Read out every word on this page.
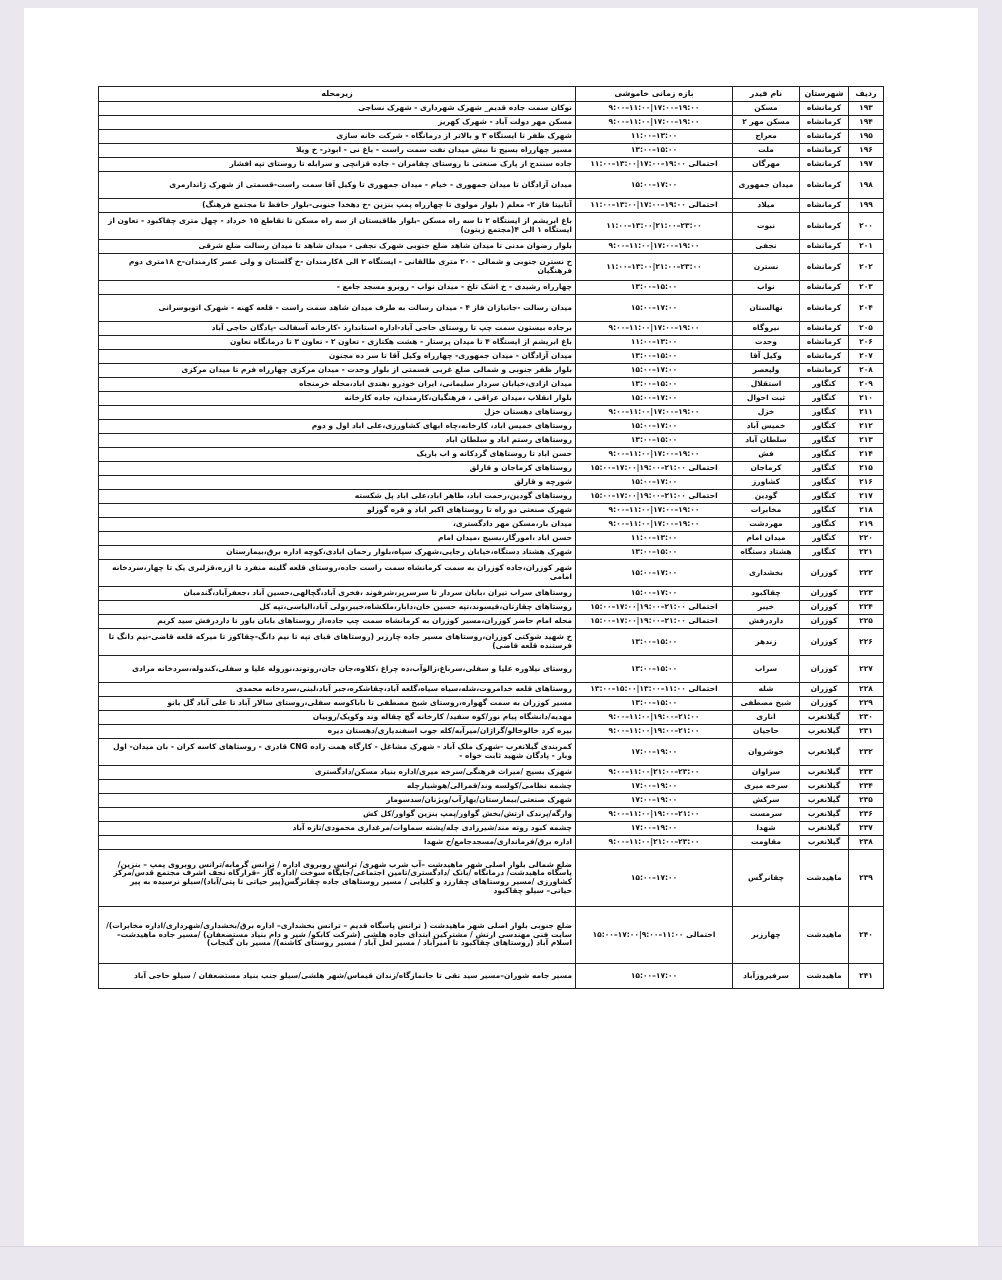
ردیف	شهرستان	نام فیدر	بازه زمانی خاموشی	زیرمحله
۱۹۳	کرمانشاه	مسکن	۹:۰۰–۱۱:۰۰|۱۷:۰۰–۱۹:۰۰	نوکان سمت جاده قدیم_ شهرک شهرداری - شهرک نساجی
۱۹۴	کرمانشاه	مسکن مهر ۲	۹:۰۰–۱۱:۰۰|۱۷:۰۰–۱۹:۰۰	مسکن مهر دولت آباد - شهرک کهریز
۱۹۵	کرمانشاه	معراج	۱۱:۰۰–۱۳:۰۰	شهرک ظفر تا ایستگاه ۳ و بالاتر از درمانگاه - شرکت خانه سازی
۱۹۶	کرمانشاه	ملت	۱۳:۰۰–۱۵:۰۰	مسیر چهارراه بسیج تا نبش میدان نفت سمت راست - باغ نی - ابوذر- خ ویلا
۱۹۷	کرمانشاه	مهرگان	احتمالی ۱۹:۰۰–۱۷:۰۰|۱۳:۰۰–۱۱:۰۰	جاده سنندج از پارک صنعتی تا روستای چقامران - جاده قزانچی و سرابله تا روستای تپه افشار
۱۹۸	کرمانشاه	میدان جمهوری	۱۵:۰۰–۱۷:۰۰	میدان آزادگان تا میدان جمهوری - خیام - میدان جمهوری تا وکیل آقا سمت راست-قسمتی از شهرک ژاندارمری
۱۹۹	کرمانشاه	میلاد	احتمالی ۱۹:۰۰–۱۷:۰۰|۱۳:۰۰–۱۱:۰۰	آتابیتا فاز ۲- معلم ( بلوار مولوی تا چهارراه پمپ بنزین -خ دهخدا جنوبی-بلوار حافظ تا مجتمع فرهنگ)
۲۰۰	کرمانشاه	نبوت	۱۱:۰۰–۱۳:۰۰|۲۱:۰۰–۲۳:۰۰	باغ ابریشم از ایستگاه ۲ تا سه راه مسکن -بلوار طاقبستان از سه راه مسکن تا تقاطع ۱۵ خرداد - چهل متری چقاکبود - تعاون از ایستگاه ۱ الی ۴(مجتمع زیتون)
۲۰۱	کرمانشاه	نجفی	۹:۰۰–۱۱:۰۰|۱۷:۰۰–۱۹:۰۰	بلوار رضوان مدنی تا میدان شاهد ضلع جنوبی شهرک نجفی - میدان شاهد تا میدان رسالت ضلع شرقی
۲۰۲	کرمانشاه	نسترن	۱۱:۰۰–۱۳:۰۰|۲۱:۰۰–۲۳:۰۰	خ نسترن جنوبی و شمالی - ۲۰ متری طالقانی - ایستگاه ۲ الی ۸کارمندان -خ گلستان و ولی عصر کارمندان-خ ۱۸متری دوم فرهنگیان
۲۰۳	کرمانشاه	نواب	۱۳:۰۰–۱۵:۰۰	چهارراه رشیدی - خ اشک تلخ - میدان نواب - روبرو مسجد جامع -
۲۰۴	کرمانشاه	نهالستان	۱۵:۰۰–۱۷:۰۰	میدان رسالت -جانبازان فاز ۴ - میدان رسالت به طرف میدان شاهد سمت راست - قلعه کهنه - شهرک اتوبوسرانی
۲۰۵	کرمانشاه	نیروگاه	۹:۰۰–۱۱:۰۰|۱۷:۰۰–۱۹:۰۰	برجاده بیستون سمت چپ تا روستای حاجی آباد-اداره استاندارد -کارخانه آسفالت -پادگان حاجی آباد
۲۰۶	کرمانشاه	وحدت	۱۱:۰۰–۱۳:۰۰	باغ ابریشم از ایستگاه ۴ تا میدان پرستار - هشت هکتاری - تعاون ۲ - تعاون ۳ تا درمانگاه تعاون
۲۰۷	کرمانشاه	وکیل آقا	۱۳:۰۰–۱۵:۰۰	میدان آزادگان - میدان جمهوری- چهارراه وکیل آقا تا سر ده مجنون
۲۰۸	کرمانشاه	ولیعصر	۱۵:۰۰–۱۷:۰۰	بلوار ظفر جنوبی و شمالی ضلع غربی قسمتی از بلوار وحدت - میدان مرکزی چهارراه فرم تا میدان مرکزی
۲۰۹	کنگاور	استقلال	۱۳:۰۰–۱۵:۰۰	میدان ازادی،خیابان سردار سلیمانی، ایران خودرو ،هندی اباد،محله خرمنجاه
۲۱۰	کنگاور	ثبت احوال	۱۵:۰۰–۱۷:۰۰	بلوار انقلاب ،میدان عراقی ، فرهنگیان،کارمندان، جاده کارخانه
۲۱۱	کنگاور	خزل	۹:۰۰–۱۱:۰۰|۱۷:۰۰–۱۹:۰۰	روستاهای دهستان خزل
۲۱۲	کنگاور	خمیس آباد	۱۵:۰۰–۱۷:۰۰	روستاهای خمیس اباد، کارخانه،چاه ابهای کشاورزی،علی اباد اول و دوم
۲۱۳	کنگاور	سلطان آباد	۱۳:۰۰–۱۵:۰۰	روستاهای رستم اباد و سلطان اباد
۲۱۴	کنگاور	فش	۹:۰۰–۱۱:۰۰|۱۷:۰۰–۱۹:۰۰	حسن اباد تا روستاهای گردکانه و اب باریک
۲۱۵	کنگاور	کرماجان	احتمالی ۲۱:۰۰–۱۹:۰۰|۱۷:۰۰–۱۵:۰۰	روستاهای کرماجان و قارلق
۲۱۶	کنگاور	کشاورز	۱۵:۰۰–۱۷:۰۰	شورچه و قارلق
۲۱۷	کنگاور	گودین	احتمالی ۲۱:۰۰–۱۹:۰۰|۱۷:۰۰–۱۵:۰۰	روستاهای گودین،رحمت اباد، طاهر اباد،علی اباد پل شکسته
۲۱۸	کنگاور	مخابرات	۹:۰۰–۱۱:۰۰|۱۷:۰۰–۱۹:۰۰	شهرک صنعتی دو راه تا روستاهای اکبر اباد و قره گوزلو
۲۱۹	کنگاور	مهردشت	۹:۰۰–۱۱:۰۰|۱۷:۰۰–۱۹:۰۰	میدان بار،مسکن مهر دادگستری،
۲۲۰	کنگاور	میدان امام	۱۱:۰۰–۱۳:۰۰	حسن اباد ،امورگار،بسیج ،میدان امام
۲۲۱	کنگاور	هشتاد دستگاه	۱۳:۰۰–۱۵:۰۰	شهرک هشتاد دستگاه،خیابان رجایی،شهرک سپاه،بلوار رحمان ابادی،کوچه اداره برق،بیمارستان
۲۲۲	کوزران	بخشداری	۱۵:۰۰–۱۷:۰۰	شهر کوزران،جاده کوزران به سمت کرمانشاه سمت راست جاده،روستای قلعه گلینه منفرد تا ازره،قزلبری یک تا چهار،سردخانه امامی
۲۲۳	کوزران	چقاکبود	۱۵:۰۰–۱۷:۰۰	روستاهای سراب تیران ،بابان سردار تا سرسرپر،شرفوند ،فخری آباد،گچالهی،حسین آباد ،جعفرآباد،گندمبان
۲۲۴	کوزران	خیبر	احتمالی ۲۱:۰۰–۱۹:۰۰|۱۷:۰۰–۱۵:۰۰	روستاهای چقازنان،قیسوند،تپه حسین خان،دابار،ملکشاه،خیبر،ولی آباد،الیاسی،تپه کل
۲۲۵	کوزران	داردرفش	احتمالی ۲۱:۰۰–۱۹:۰۰|۱۷:۰۰–۱۵:۰۰	محله امام حاضر کوزران،مسیر کوزران به کرمانشاه سمت چپ جاده،از روستاهای بابان باور تا داردرفش سید کریم
۲۲۶	کوزران	زندهر	۱۳:۰۰–۱۵:۰۰	خ شهید شوکتی کوزران،روستاهای مسیر جاده چارزبر (روستاهای قبای تپه تا نیم دانگ-چقاکوز تا میرکه قلعه قاضی-نیم دانگ تا فرستنده قلعه قاضی)
۲۲۷	کوزران	سراب	۱۳:۰۰–۱۵:۰۰	روستای نیلاوره علیا و سفلی،سرباغ،زالوآب،ده چراغ ،کلاوه،جان جان،روتوند،نوروله علیا و سفلی،کندوله،سردخانه مرادی
۲۲۸	کوزران	شله	احتمالی ۱۱:۰۰–۱۳:۰۰|۱۵:۰۰–۱۳:۰۰	روستاهای قلعه خدامروت،شله،سیاه سیاه،گلعه آباد،چقاشکره،جبر آباد،لبنی،سردخانه محمدی
۲۲۹	کوزران	شیخ مصطفی	۱۳:۰۰–۱۵:۰۰	مسیر کوزران به سمت گهواره،روستای شیخ مصطفی تا باباکوسه سفلی،روستای سالار آباد تا علی آباد گل بانو
۲۳۰	گیلانغرب	اناری	۹:۰۰–۱۱:۰۰|۱۹:۰۰–۲۱:۰۰	مهدیه/دانشگاه پیام نور/کوه سفید/ کارخانه گچ چقاله وند وکویک/روبیان
۲۳۱	گیلانغرب	حاجیان	۹:۰۰–۱۱:۰۰|۱۹:۰۰–۲۱:۰۰	بیره کرد خالوخالو/گراژان/میرآبه/کله جوب اسفندیاری/دهستان دیره
۲۳۲	گیلانغرب	خوشروان	۱۷:۰۰–۱۹:۰۰	کمربندی گیلانغرب -شهرک ملک آباد - شهرک مشاغل - کارگاه همت زاده CNG قادری - روستاهای کاسه کران - بان میدان- اول وبار - پادگان شهید ثابت خواه -
۲۳۳	گیلانغرب	سراوان	۹:۰۰–۱۱:۰۰|۲۱:۰۰–۲۳:۰۰	شهرک بسیج /میراث فرهنگی/سرخه میری/اداره بنیاد مسکن/دادگستری
۲۳۴	گیلانغرب	سرخه میری	۱۷:۰۰–۱۹:۰۰	چشمه نظامی/کولسه وند/قمرالی/هوشیارچله
۲۳۵	گیلانغرب	سرکش	۱۷:۰۰–۱۹:۰۰	شهرک صنعتی/بیمارستان/بهارآب/ویژنان/سدسومار
۲۳۶	گیلانغرب	سرمست	۹:۰۰–۱۱:۰۰|۱۹:۰۰–۲۱:۰۰	وارگه/پرندک ارتش/بخش گواور/پمپ بنزین گواور/کل کش
۲۳۷	گیلانغرب	شهدا	۱۷:۰۰–۱۹:۰۰	چشمه کبود روته مند/شیرزادی چله/پشته سماوات/مرغداری محمودی/تازه آباد
۲۳۸	گیلانغرب	مقاومت	۹:۰۰–۱۱:۰۰|۲۱:۰۰–۲۳:۰۰	اداره برق/فرمانداری/مسجدجامع/خ شهدا
۲۳۹	ماهیدشت	چقانرگس	۱۵:۰۰–۱۷:۰۰	ضلع شمالی بلوار اصلی شهر ماهیدشت –آب شرب شهری/ ترانس روبروی اداره / ترانس گرمابه/ترانس روبروی پمپ – بنزین/پاسگاه ماهیدشت/ درمانگاه /بانک /دادگستری/تامین اجتماعی/جایگاه سوخت /اداره گاز –قرارگاه نجف اشرف مجتمع قدس/مرکز کشاورزی /مسیر روستاهای چقارزد و کلیایی / مسیر روستاهای جاده چقانرگس(پیر حیاتی تا پتی/آباد)/سیلو نرسیده به پیر حیاتی– سیلو چقاکبود
۲۴۰	ماهیدشت	چهارزبر	احتمالی ۱۱:۰۰–۹:۰۰|۱۷:۰۰–۱۵:۰۰	ضلع جنوبی بلوار اصلی شهر ماهیدشت ( ترانس پاسگاه قدیم – ترانس بخشداری– اداره برق/بخشداری/شهرداری/اداره مخابرات)/سایت فنی مهندسی ارتش / مشترکین ابتدای جاده هلشی (شرکت کابکو/ شیر و دام بنیاد مستضعفان) /مسیر جاده ماهیدشت–اسلام آباد (روستاهای چقاکبود تا امیرآباد / مسیر لعل آباد / مسیر روستای کاشنه)/ مسیر بان گنجاب)
۲۴۱	ماهیدشت	سرفیروزآباد	۱۵:۰۰–۱۷:۰۰	مسیر جامه شوران–مسیر سید نقی تا جانمازگاه/زندان قیماس/شهر هلشی/سیلو جنب بنیاد مستضعفان / سیلو حاجی آباد
